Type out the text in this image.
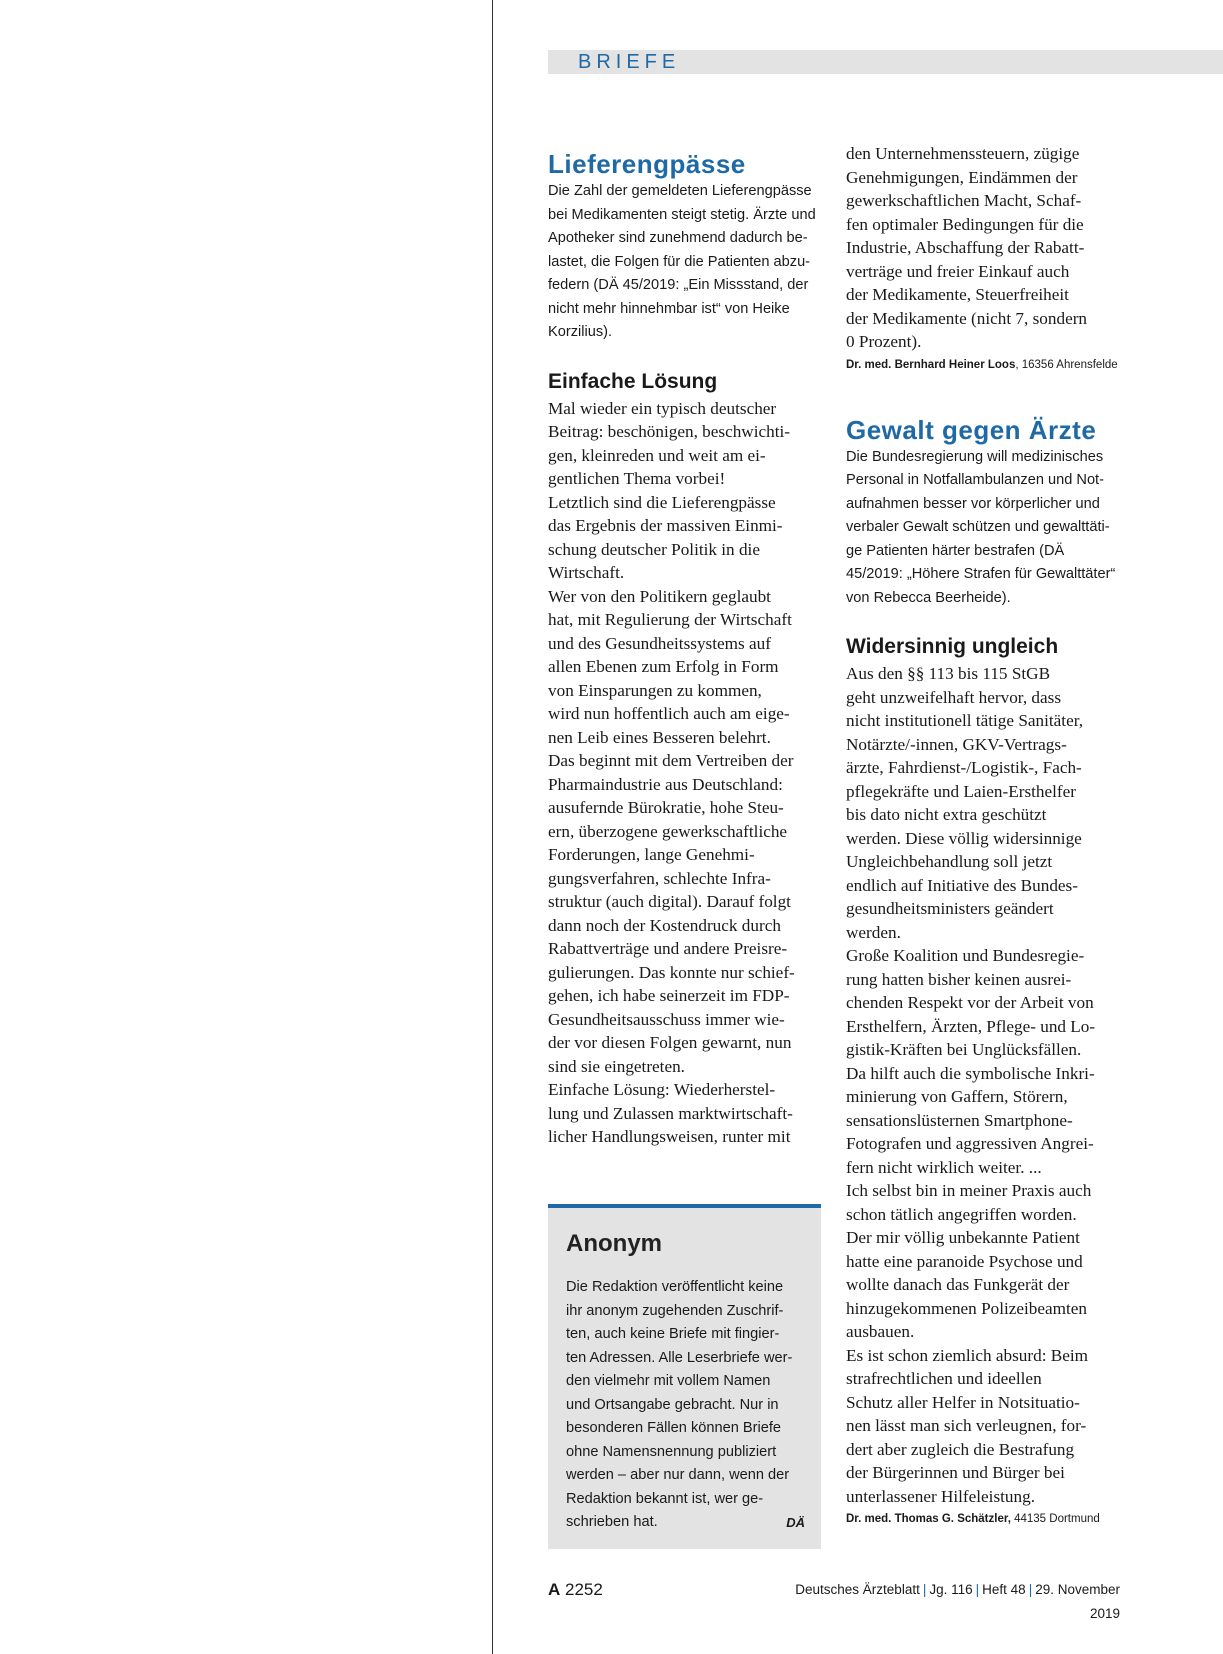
BRIEFE
Lieferengpässe
Die Zahl der gemeldeten Lieferengpässe
bei Medikamenten steigt stetig. Ärzte und
Apotheker sind zunehmend dadurch be-
lastet, die Folgen für die Patienten abzu-
federn (DÄ 45/2019: „Ein Missstand, der
nicht mehr hinnehmbar ist“ von Heike
Korzilius).
Einfache Lösung
Mal wieder ein typisch deutscher
Beitrag: beschönigen, beschwichti-
gen, kleinreden und weit am ei-
gentlichen Thema vorbei!
Letztlich sind die Lieferengpässe
das Ergebnis der massiven Einmi-
schung deutscher Politik in die
Wirtschaft.
Wer von den Politikern geglaubt
hat, mit Regulierung der Wirtschaft
und des Gesundheitssystems auf
allen Ebenen zum Erfolg in Form
von Einsparungen zu kommen,
wird nun hoffentlich auch am eige-
nen Leib eines Besseren belehrt.
Das beginnt mit dem Vertreiben der
Pharmaindustrie aus Deutschland:
ausufernde Bürokratie, hohe Steu-
ern, überzogene gewerkschaftliche
Forderungen, lange Genehmi-
gungsverfahren, schlechte Infra-
struktur (auch digital). Darauf folgt
dann noch der Kostendruck durch
Rabattverträge und andere Preisre-
gulierungen. Das konnte nur schief-
gehen, ich habe seinerzeit im FDP-
Gesundheitsausschuss immer wie-
der vor diesen Folgen gewarnt, nun
sind sie eingetreten.
Einfache Lösung: Wiederherstel-
lung und Zulassen marktwirtschaft-
licher Handlungsweisen, runter mit
den Unternehmenssteuern, zügige
Genehmigungen, Eindämmen der
gewerkschaftlichen Macht, Schaf-
fen optimaler Bedingungen für die
Industrie, Abschaffung der Rabatt-
verträge und freier Einkauf auch
der Medikamente, Steuerfreiheit
der Medikamente (nicht 7, sondern
0 Prozent).

Dr. med. Bernhard Heiner Loos, 16356 Ahrensfelde

Gewalt gegen Ärzte
Die Bundesregierung will medizinisches
Personal in Notfallambulanzen und Not-
aufnahmen besser vor körperlicher und
verbaler Gewalt schützen und gewalttäti-
ge Patienten härter bestrafen (DÄ
45/2019: „Höhere Strafen für Gewalttäter“
von Rebecca Beerheide).
Widersinnig ungleich
Aus den §§ 113 bis 115 StGB
geht unzweifelhaft hervor, dass
nicht institutionell tätige Sanitäter,
Notärzte/-innen, GKV-Vertrags-
ärzte, Fahrdienst-/Logistik-, Fach-
pflegekräfte und Laien-Ersthelfer
bis dato nicht extra geschützt
werden. Diese völlig widersinnige
Ungleichbehandlung soll jetzt
endlich auf Initiative des Bundes-
gesundheitsministers geändert
werden.
Große Koalition und Bundesregie-
rung hatten bisher keinen ausrei-
chenden Respekt vor der Arbeit von
Ersthelfern, Ärzten, Pflege- und Lo-
gistik-Kräften bei Unglücksfällen.
Da hilft auch die symbolische Inkri-
minierung von Gaffern, Störern,
sensationslüsternen Smartphone-
Fotografen und aggressiven Angrei-
fern nicht wirklich weiter. ...
Ich selbst bin in meiner Praxis auch
schon tätlich angegriffen worden.
Der mir völlig unbekannte Patient
hatte eine paranoide Psychose und
wollte danach das Funkgerät der
hinzugekommenen Polizeibeamten
ausbauen.
Es ist schon ziemlich absurd: Beim
strafrechtlichen und ideellen
Schutz aller Helfer in Notsituatio-
nen lässt man sich verleugnen, for-
dert aber zugleich die Bestrafung
der Bürgerinnen und Bürger bei
unterlassener Hilfeleistung.

Dr. med. Thomas G. Schätzler, 44135 Dortmund

Anonym
Die Redaktion veröffentlicht keine
ihr anonym zugehenden Zuschrif-
ten, auch keine Briefe mit fingier-
ten Adressen. Alle Leserbriefe wer-
den vielmehr mit vollem Namen
und Ortsangabe gebracht. Nur in
besonderen Fällen können Briefe
ohne Namensnennung publiziert
werden – aber nur dann, wenn der
Redaktion bekannt ist, wer ge-
schrieben hat.	DÄ
A 2252	Deutsches Ärzteblatt | Jg. 116 | Heft 48 | 29. November 2019
